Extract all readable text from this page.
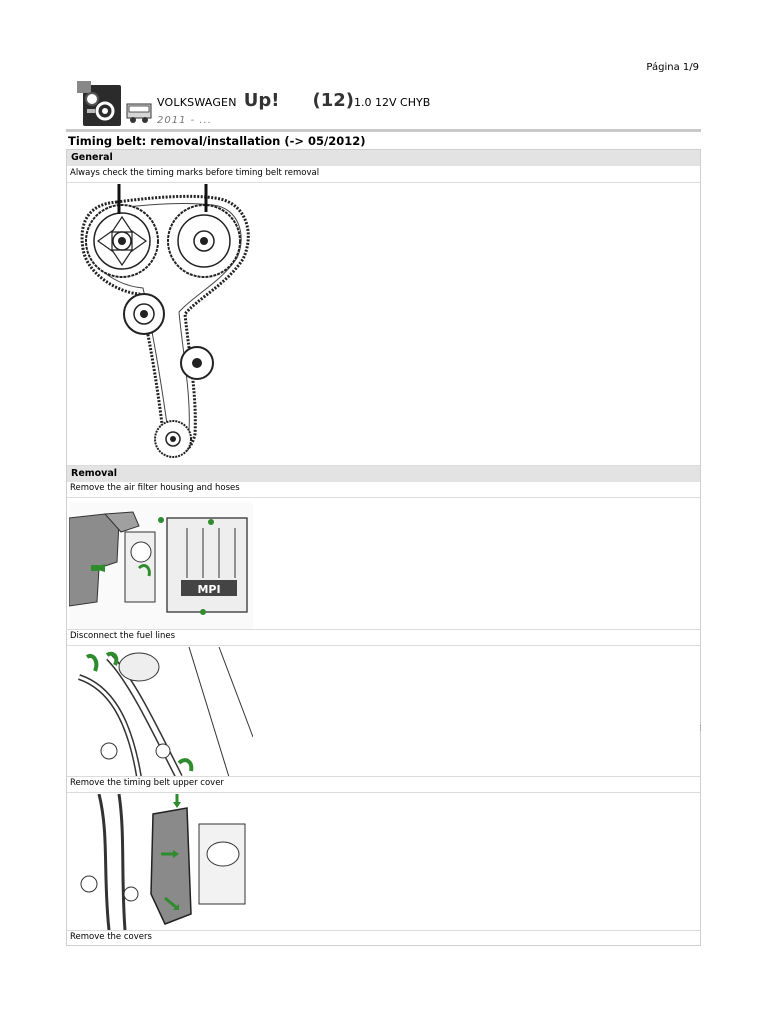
Página 1/9
VOLKSWAGEN Up! (12)1.0 12V CHYB
2011 - ...
Timing belt: removal/installation (-> 05/2012)
General
Always check the timing marks before timing belt removal
Removal
Remove the air filter housing and hoses
MPI
Disconnect the fuel lines
Remove the timing belt upper cover
Remove the covers
⋮
